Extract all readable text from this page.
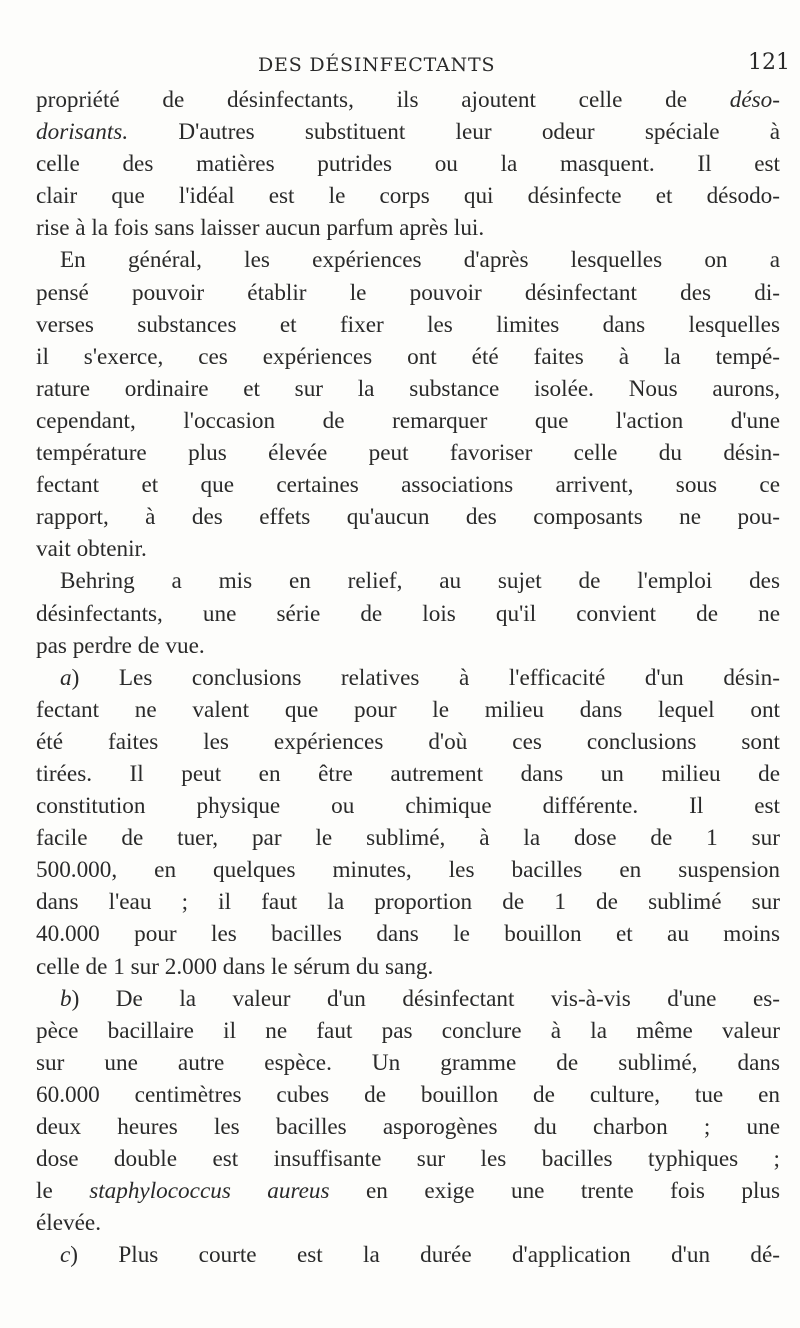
DES DÉSINFECTANTS	121
propriété de désinfectants, ils ajoutent celle de déso-
dorisants. D'autres substituent leur odeur spéciale à
celle des matières putrides ou la masquent. Il est
clair que l'idéal est le corps qui désinfecte et désodo-
rise à la fois sans laisser aucun parfum après lui.
En général, les expériences d'après lesquelles on a
pensé pouvoir établir le pouvoir désinfectant des di-
verses substances et fixer les limites dans lesquelles
il s'exerce, ces expériences ont été faites à la tempé-
rature ordinaire et sur la substance isolée. Nous aurons,
cependant, l'occasion de remarquer que l'action d'une
température plus élevée peut favoriser celle du désin-
fectant et que certaines associations arrivent, sous ce
rapport, à des effets qu'aucun des composants ne pou-
vait obtenir.
Behring a mis en relief, au sujet de l'emploi des
désinfectants, une série de lois qu'il convient de ne
pas perdre de vue.
a) Les conclusions relatives à l'efficacité d'un désin-
fectant ne valent que pour le milieu dans lequel ont
été faites les expériences d'où ces conclusions sont
tirées. Il peut en être autrement dans un milieu de
constitution physique ou chimique différente. Il est
facile de tuer, par le sublimé, à la dose de 1 sur
500.000, en quelques minutes, les bacilles en suspension
dans l'eau ; il faut la proportion de 1 de sublimé sur
40.000 pour les bacilles dans le bouillon et au moins
celle de 1 sur 2.000 dans le sérum du sang.
b) De la valeur d'un désinfectant vis-à-vis d'une es-
pèce bacillaire il ne faut pas conclure à la même valeur
sur une autre espèce. Un gramme de sublimé, dans
60.000 centimètres cubes de bouillon de culture, tue en
deux heures les bacilles asporogènes du charbon ; une
dose double est insuffisante sur les bacilles typhiques ;
le staphylococcus aureus en exige une trente fois plus
élevée.
c) Plus courte est la durée d'application d'un dé-
